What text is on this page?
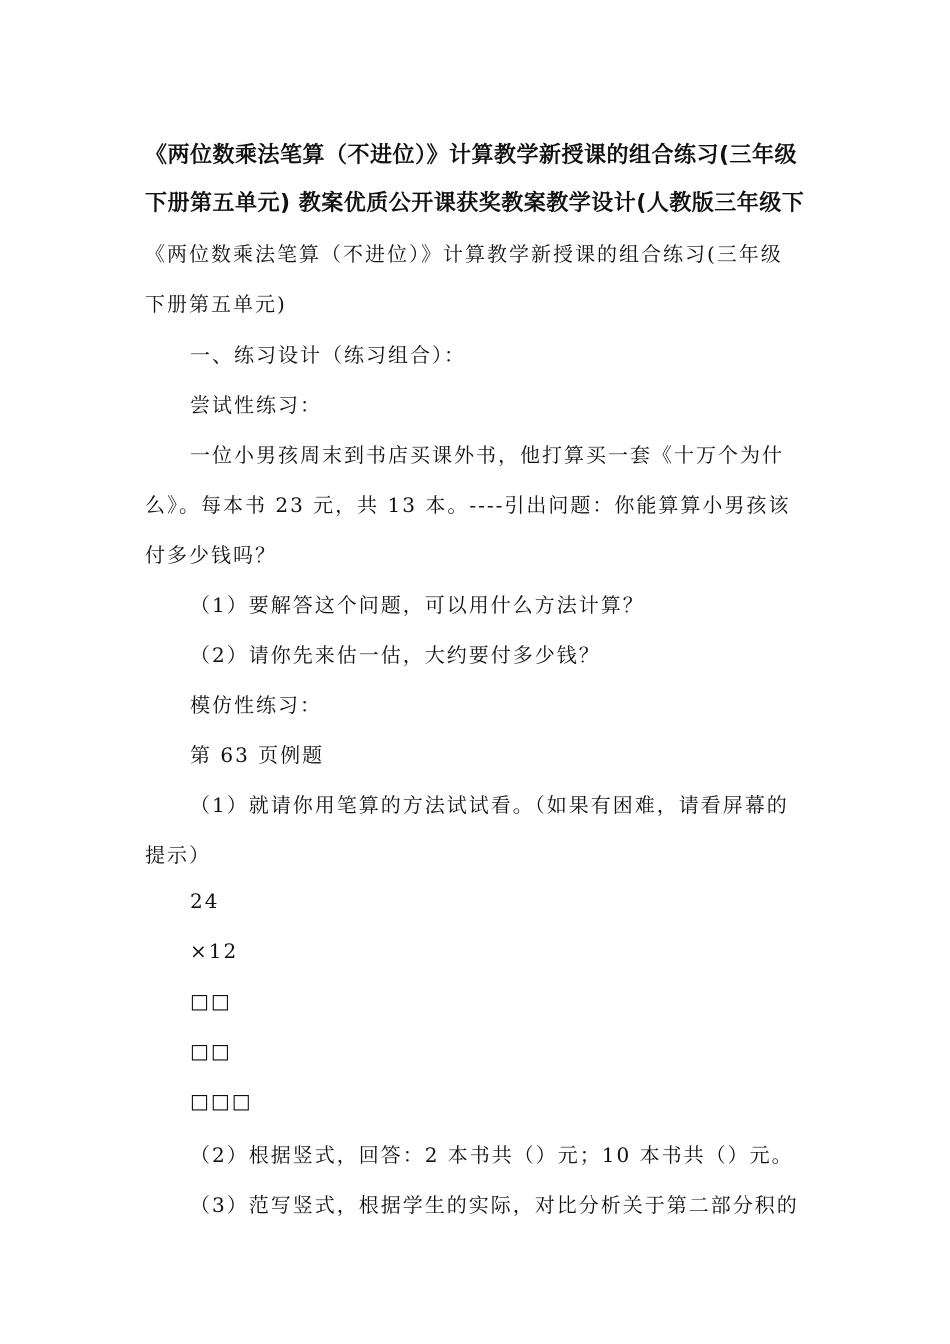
《两位数乘法笔算（不进位）》计算教学新授课的组合练习(三年级
下册第五单元) 教案优质公开课获奖教案教学设计(人教版三年级下
《两位数乘法笔算（不进位）》计算教学新授课的组合练习(三年级
下册第五单元)
一、练习设计（练习组合）：
尝试性练习：
一位小男孩周末到书店买课外书，他打算买一套《十万个为什
么》。每本书 23 元，共 13 本。----引出问题：你能算算小男孩该
付多少钱吗？
（1）要解答这个问题，可以用什么方法计算？
（2）请你先来估一估，大约要付多少钱？
模仿性练习：
第 63 页例题
（1）就请你用笔算的方法试试看。（如果有困难，请看屏幕的
提示）
24
×12
□□
□□
□□□
（2）根据竖式，回答：2 本书共（）元；10 本书共（）元。
（3）范写竖式，根据学生的实际，对比分析关于第二部分积的
